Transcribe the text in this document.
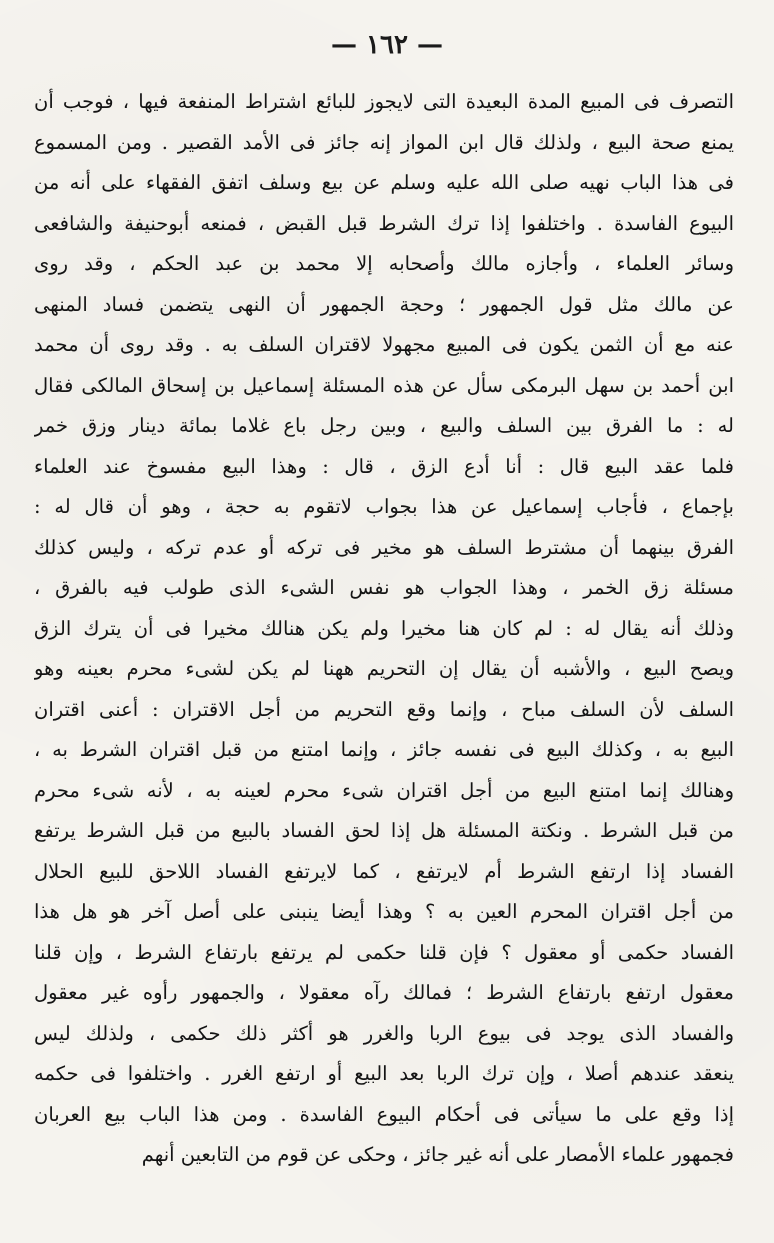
— ١٦٢ —
التصرف فى المبيع المدة البعيدة التى لايجوز للبائع اشتراط المنفعة فيها ، فوجب أن
يمنع صحة البيع ، ولذلك قال ابن المواز إنه جائز فى الأمد القصير . ومن المسموع
فى هذا الباب نهيه صلى الله عليه وسلم عن بيع وسلف اتفق الفقهاء على أنه من
البيوع الفاسدة . واختلفوا إذا ترك الشرط قبل القبض ، فمنعه أبوحنيفة والشافعى
وسائر العلماء ، وأجازه مالك وأصحابه إلا محمد بن عبد الحكم ، وقد روى
عن مالك مثل قول الجمهور ؛ وحجة الجمهور أن النهى يتضمن فساد المنهى
عنه مع أن الثمن يكون فى المبيع مجهولا لاقتران السلف به . وقد روى أن محمد
ابن أحمد بن سهل البرمكى سأل عن هذه المسئلة إسماعيل بن إسحاق المالكى فقال
له : ما الفرق بين السلف والبيع ، وبين رجل باع غلاما بمائة دينار وزق خمر
فلما عقد البيع قال : أنا أدع الزق ، قال : وهذا البيع مفسوخ عند العلماء
بإجماع ، فأجاب إسماعيل عن هذا بجواب لاتقوم به حجة ، وهو أن قال له :
الفرق بينهما أن مشترط السلف هو مخير فى تركه أو عدم تركه ، وليس كذلك
مسئلة زق الخمر ، وهذا الجواب هو نفس الشىء الذى طولب فيه بالفرق ،
وذلك أنه يقال له : لم كان هنا مخيرا ولم يكن هنالك مخيرا فى أن يترك الزق
ويصح البيع ، والأشبه أن يقال إن التحريم ههنا لم يكن لشىء محرم بعينه وهو
السلف لأن السلف مباح ، وإنما وقع التحريم من أجل الاقتران : أعنى اقتران
البيع به ، وكذلك البيع فى نفسه جائز ، وإنما امتنع من قبل اقتران الشرط به ،
وهنالك إنما امتنع البيع من أجل اقتران شىء محرم لعينه به ، لأنه شىء محرم
من قبل الشرط . ونكتة المسئلة هل إذا لحق الفساد بالبيع من قبل الشرط يرتفع
الفساد إذا ارتفع الشرط أم لايرتفع ، كما لايرتفع الفساد اللاحق للبيع الحلال
من أجل اقتران المحرم العين به ؟ وهذا أيضا ينبنى على أصل آخر هو هل هذا
الفساد حكمى أو معقول ؟ فإن قلنا حكمى لم يرتفع بارتفاع الشرط ، وإن قلنا
معقول ارتفع بارتفاع الشرط ؛ فمالك رآه معقولا ، والجمهور رأوه غير معقول
والفساد الذى يوجد فى بيوع الربا والغرر هو أكثر ذلك حكمى ، ولذلك ليس
ينعقد عندهم أصلا ، وإن ترك الربا بعد البيع أو ارتفع الغرر . واختلفوا فى حكمه
إذا وقع على ما سيأتى فى أحكام البيوع الفاسدة . ومن هذا الباب بيع العربان
فجمهور علماء الأمصار على أنه غير جائز ، وحكى عن قوم من التابعين أنهم
